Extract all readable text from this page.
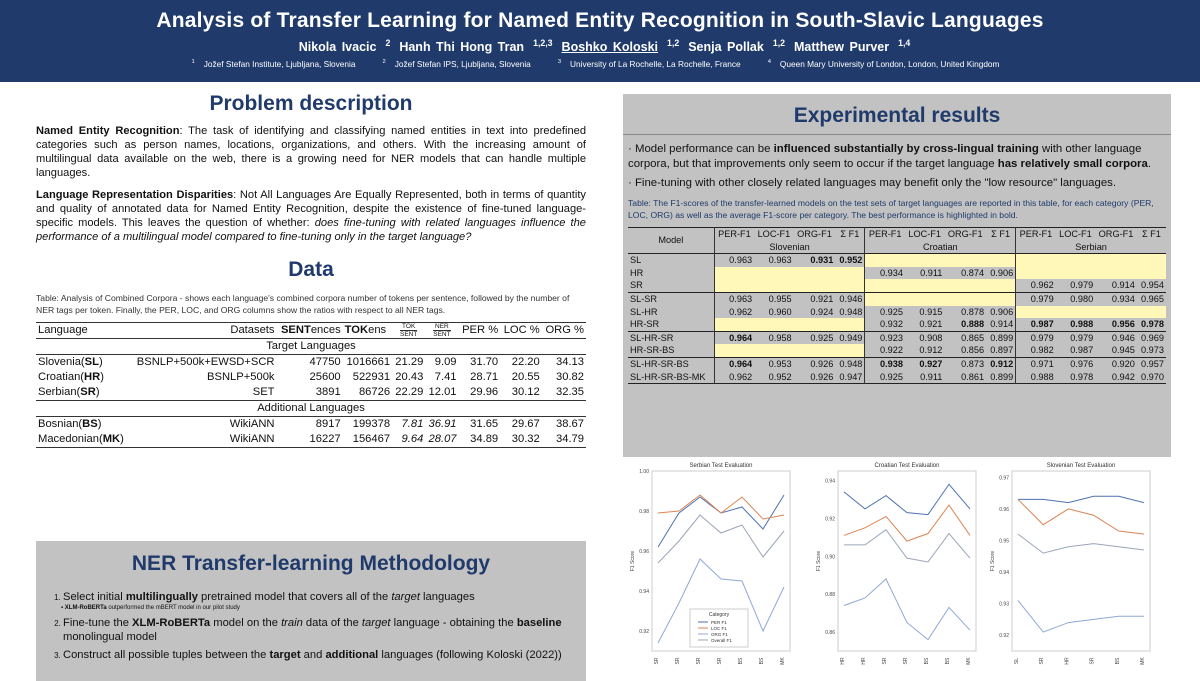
Analysis of Transfer Learning for Named Entity Recognition in South-Slavic Languages
Nikola Ivacic $^2$ Hanh Thi Hong Tran $^{1,2,3}$ Boshko Koloski $^{1,2}$ Senja Pollak $^{1,2}$ Matthew Purver $^{1,4}$
$^1$ Jožef Stefan Institute, Ljubljana, Slovenia	$^2$ Jožef Stefan IPS, Ljubljana, Slovenia	$^3$ University of La Rochelle, La Rochelle, France	$^4$ Queen Mary University of London, London, United Kingdom
Problem description

Named Entity Recognition: The task of identifying and classifying named entities in text into predefined categories such as person names, locations, organizations, and others. With the increasing amount of multilingual data available on the web, there is a growing need for NER models that can handle multiple languages.

Language Representation Disparities: Not All Languages Are Equally Represented, both in terms of quantity and quality of annotated data for Named Entity Recognition, despite the existence of fine-tuned language-specific models. This leaves the question of whether: does fine-tuning with related languages influence the performance of a multilingual model compared to fine-tuning only in the target language?

Data

Table: Analysis of Combined Corpora - shows each language's combined corpora number of tokens per sentence, followed by the number of NER tags per token. Finally, the PER, LOC, and ORG columns show the ratios with respect to all NER tags.

Language	Datasets	SENTences	TOKens	$\frac{\text{TOK}}{\text{SENT}}$	$\frac{\text{NER}}{\text{SENT}}$	PER %	LOC %	ORG %
Target Languages								
Slovenia(SL)	BSNLP+500k+EWSD+SCR	47750	1016661	21.29	9.09	31.70	22.20	34.13
Croatian(HR)	BSNLP+500k	25600	522931	20.43	7.41	28.71	20.55	30.82
Serbian(SR)	SET	3891	86726	22.29	12.01	29.96	30.12	32.35
Additional Languages								
Bosnian(BS)	WikiANN	8917	199378	7.81	36.91	31.65	29.67	38.67
Macedonian(MK)	WikiANN	16227	156467	9.64	28.07	34.89	30.32	34.79
NER Transfer-learning Methodology
1. Select initial multilingually pretrained model that covers all of the target languages
▪ XLM-RoBERTa outperformed the mBERT model in our pilot study
2. Fine-tune the XLM-RoBERTa model on the train data of the target language - obtaining the baseline monolingual model
3. Construct all possible tuples between the target and additional languages (following Koloski (2022))
Experimental results
· Model performance can be influenced substantially by cross-lingual training with other language corpora, but that improvements only seem to occur if the target language has relatively small corpora.
· Fine-tuning with other closely related languages may benefit only the "low resource" languages.

Table: The F1-scores of the transfer-learned models on the test sets of target languages are reported in this table, for each category (PER, LOC, ORG) as well as the average F1-score per category. The best performance is highlighted in bold.

Model	PER-F1	LOC-F1	ORG-F1	Σ F1	PER-F1	LOC-F1	ORG-F1	Σ F1	PER-F1	LOC-F1	ORG-F1	Σ F1
	Slovenian				Croatian				Serbian			
SL	0.963	0.963	0.931	0.952								
HR					0.934	0.911	0.874	0.906				
SR									0.962	0.979	0.914	0.954
SL-SR	0.963	0.955	0.921	0.946					0.979	0.980	0.934	0.965
SL-HR	0.962	0.960	0.924	0.948	0.925	0.915	0.878	0.906				
HR-SR					0.932	0.921	0.888	0.914	0.987	0.988	0.956	0.978
SL-HR-SR	0.964	0.958	0.925	0.949	0.923	0.908	0.865	0.899	0.979	0.979	0.946	0.969
HR-SR-BS					0.922	0.912	0.856	0.897	0.982	0.987	0.945	0.973
SL-HR-SR-BS	0.964	0.953	0.926	0.948	0.938	0.927	0.873	0.912	0.971	0.976	0.920	0.957
SL-HR-SR-BS-MK	0.962	0.952	0.926	0.947	0.925	0.911	0.861	0.899	0.988	0.978	0.942	0.970
Serbian Test Evaluation
0.92
0.94
0.96
0.98
1.00
F1 Score
SR	SR	SR	SR	BS	BS	MK
Category
PER F1
LOC F1
ORG F1
Overall F1
Croatian Test Evaluation
0.86
0.88
0.90
0.92
0.94
F1 Score
HR	HR	SR	SR	BS	BS	MK
Slovenian Test Evaluation
0.92
0.93
0.94
0.95
0.96
0.97
F1 Score
SL	SR	HR	SR	BS	MK
